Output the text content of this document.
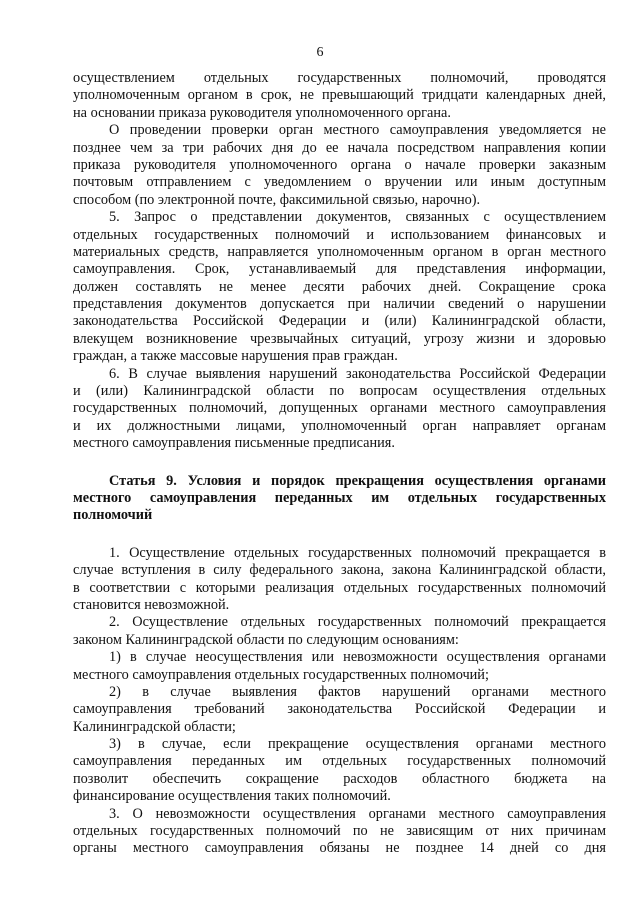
6
осуществлением отдельных государственных полномочий, проводятся
уполномоченным органом в срок, не превышающий тридцати календарных дней,
на основании приказа руководителя уполномоченного органа.
О проведении проверки орган местного самоуправления уведомляется не
позднее чем за три рабочих дня до ее начала посредством направления копии
приказа руководителя уполномоченного органа о начале проверки заказным
почтовым отправлением с уведомлением о вручении или иным доступным
способом (по электронной почте, факсимильной связью, нарочно).
5. Запрос о представлении документов, связанных с осуществлением
отдельных государственных полномочий и использованием финансовых и
материальных средств, направляется уполномоченным органом в орган местного
самоуправления. Срок, устанавливаемый для представления информации,
должен составлять не менее десяти рабочих дней. Сокращение срока
представления документов допускается при наличии сведений о нарушении
законодательства Российской Федерации и (или) Калининградской области,
влекущем возникновение чрезвычайных ситуаций, угрозу жизни и здоровью
граждан, а также массовые нарушения прав граждан.
6. В случае выявления нарушений законодательства Российской Федерации
и (или) Калининградской области по вопросам осуществления отдельных
государственных полномочий, допущенных органами местного самоуправления
и их должностными лицами, уполномоченный орган направляет органам
местного самоуправления письменные предписания.
Статья 9. Условия и порядок прекращения осуществления органами
местного самоуправления переданных им отдельных государственных
полномочий
1. Осуществление отдельных государственных полномочий прекращается в
случае вступления в силу федерального закона, закона Калининградской области,
в соответствии с которыми реализация отдельных государственных полномочий
становится невозможной.
2. Осуществление отдельных государственных полномочий прекращается
законом Калининградской области по следующим основаниям:
1) в случае неосуществления или невозможности осуществления органами
местного самоуправления отдельных государственных полномочий;
2) в случае выявления фактов нарушений органами местного
самоуправления требований законодательства Российской Федерации и
Калининградской области;
3) в случае, если прекращение осуществления органами местного
самоуправления переданных им отдельных государственных полномочий
позволит обеспечить сокращение расходов областного бюджета на
финансирование осуществления таких полномочий.
3. О невозможности осуществления органами местного самоуправления
отдельных государственных полномочий по не зависящим от них причинам
органы местного самоуправления обязаны не позднее 14 дней со дня
